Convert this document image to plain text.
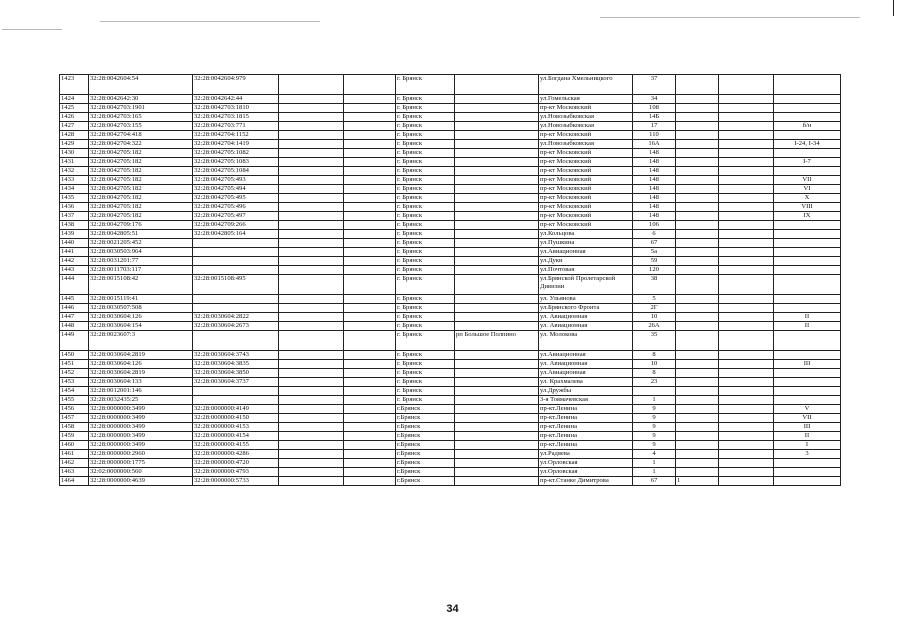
1423	32:28:0042604:54	32:28:0042604:979			г. Брянск		ул.Богдана Хмельницкого	37			
1424	32:28:0042642:30	32:28:0042642:44			г. Брянск		ул.Гомельская	34			
1425	32:28:0042703:1901	32:28:0042703:1810			г. Брянск		пр-кт Московский	108			
1426	32:28:0042703:165	32:28:0042703:1815			г. Брянск		ул.Новозыбковская	14Б			
1427	32:28:0042703:155	32:28:0042703:771			г. Брянск		ул.Новозыбковская	17			б/н
1428	32:28:0042704:418	32:28:0042704:1152			г. Брянск		пр-кт Московский	110			
1429	32:28:0042704:322	32:28:0042704:1419			г. Брянск		ул.Новозыбковская	16А			I-24, I-34
1430	32:28:0042705:182	32:28:0042705:1082			г. Брянск		пр-кт Московский	148			
1431	32:28:0042705:182	32:28:0042705:1083			г. Брянск		пр-кт Московский	148			I-7
1432	32:28:0042705:182	32:28:0042705:1084			г. Брянск		пр-кт Московский	148			
1433	32:28:0042705:182	32:28:0042705:493			г. Брянск		пр-кт Московский	148			VII
1434	32:28:0042705:182	32:28:0042705:494			г. Брянск		пр-кт Московский	148			VI
1435	32:28:0042705:182	32:28:0042705:495			г. Брянск		пр-кт Московский	148			X
1436	32:28:0042705:182	32:28:0042705:496			г. Брянск		пр-кт Московский	148			VIII
1437	32:28:0042705:182	32:28:0042705:497			г. Брянск		пр-кт Московский	148			IX
1438	32:28:0042709:176	32:28:0042709:266			г. Брянск		пр-кт Московский	106			
1439	32:28:0042805:51	32:28:0042805:164			г. Брянск		ул.Кольцова	6			
1440	32:28:0021205:452				г. Брянск		ул.Пушкина	67			
1441	32:28:0030503:964				г. Брянск		ул.Авиационная	5а			
1442	32:28:0031201:77				г. Брянск		ул.Дуки	59			
1443	32:28:0011703:117				г. Брянск		ул.Почтовая	120			
1444	32:28:0015108:42	32:28:0015108:495			г. Брянск		ул.Брянской Пролетарской Дивизии	38			
1445	32:28:0015119:41				г. Брянск		ул. Ульянова	5			
1446	32:28:0030507:508				г. Брянск		ул.Брянского Фронта	2Г			
1447	32:28:0030604:126	32:28:0030604:2822			г. Брянск		ул. Авиационная	10			II
1448	32:28:0030604:154	32:28:0030604:2673			г. Брянск		ул. Авиационная	26А			II
1449	32:28:0023607:3				г. Брянск	рп Большое Полпино	ул. Молокова	35			
1450	32:28:0030604:2819	32:28:0030604:3743			г. Брянск		ул.Авиационная	8			
1451	32:28:0030604:126	32:28:0030604:3835			г. Брянск		ул. Авиационная	10			III
1452	32:28:0030604:2819	32:28:0030604:3850			г. Брянск		ул.Авиационная	8			
1453	32:28:0030604:133	32:28:0030604:3737			г. Брянск		ул. Крахмалева	23			
1454	32:28:0012001:146				г. Брянск		ул.Дружбы				
1455	32:28:0032435:25				г. Брянск		3-я Тоямачевская	1			
1456	32:28:0000000:3499	32:28:0000000:4149			г.Брянск		пр-кт.Ленина	9			V
1457	32:28:0000000:3499	32:28:0000000:4150			г.Брянск		пр-кт.Ленина	9			VII
1458	32:28:0000000:3499	32:28:0000000:4153			г.Брянск		пр-кт.Ленина	9			III
1459	32:28:0000000:3499	32:28:0000000:4154			г.Брянск		пр-кт.Ленина	9			II
1460	32:28:0000000:3499	32:28:0000000:4155			г.Брянск		пр-кт.Ленина	9			I
1461	32:28:0000000:2960	32:28:0000000:4286			г.Брянск		ул.Радяева	4			3
1462	32:28:0000000:1775	32:28:0000000:4720			г.Брянск		ул.Орловская	1			
1463	32:02:0000000:560	32:28:0000000:4793			г.Брянск		ул.Орловская	1			
1464	32:28:0000000:4639	32:28:0000000:5733			г.Брянск		пр-кт.Станке Димитрова	67	1		
34
